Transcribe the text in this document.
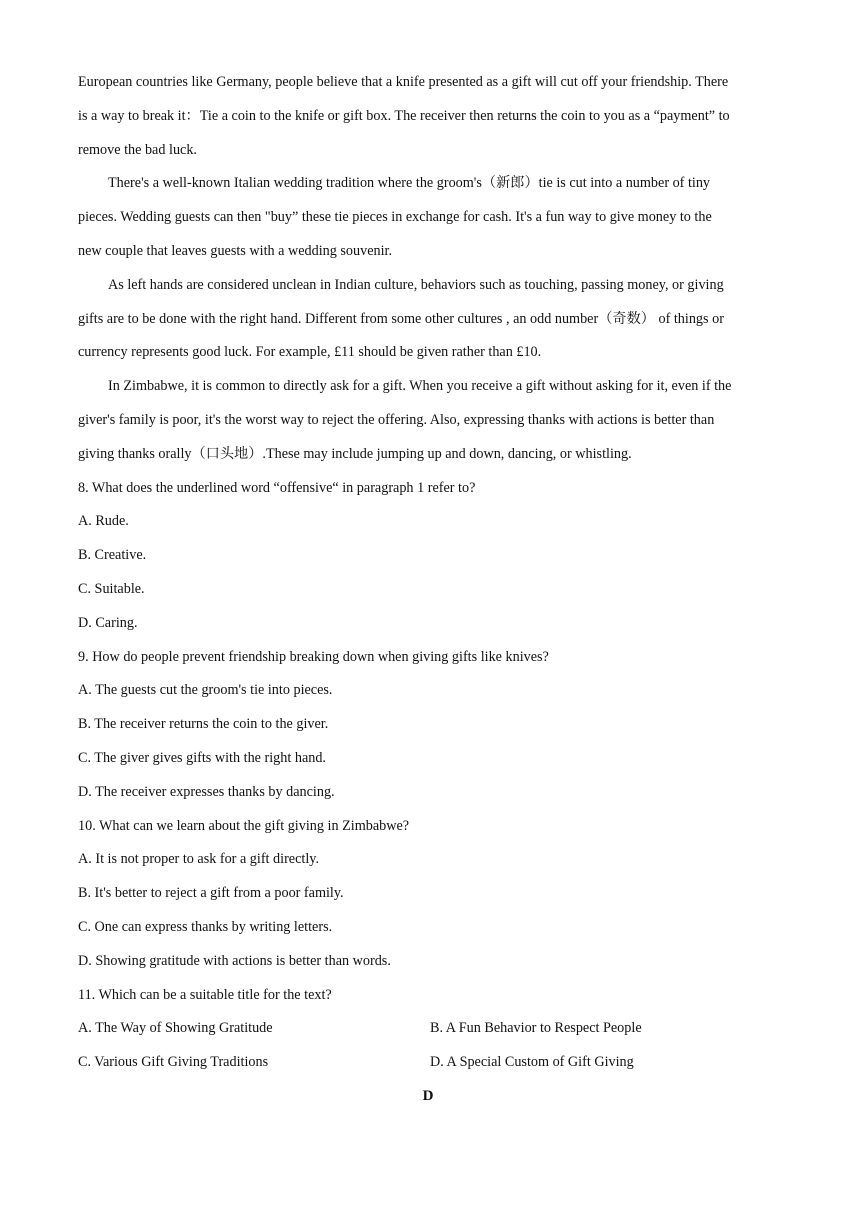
European countries like Germany, people believe that a knife presented as a gift will cut off your friendship. There

is a way to break it：Tie a coin to the knife or gift box. The receiver then returns the coin to you as a “payment” to

remove the bad luck.

There's a well-known Italian wedding tradition where the groom's（新郎）tie is cut into a number of tiny

pieces. Wedding guests can then "buy” these tie pieces in exchange for cash. It's a fun way to give money to the

new couple that leaves guests with a wedding souvenir.

As left hands are considered unclean in Indian culture, behaviors such as touching, passing money, or giving

gifts are to be done with the right hand. Different from some other cultures , an odd number（奇数） of things or

currency represents good luck. For example, £11 should be given rather than £10.

In Zimbabwe, it is common to directly ask for a gift. When you receive a gift without asking for it, even if the

giver's family is poor, it's the worst way to reject the offering. Also, expressing thanks with actions is better than

giving thanks orally（口头地）.These may include jumping up and down, dancing, or whistling.

8. What does the underlined word “offensive“ in paragraph 1 refer to?

A. Rude.

B. Creative.

C. Suitable.

D. Caring.

9. How do people prevent friendship breaking down when giving gifts like knives?

A. The guests cut the groom's tie into pieces.

B. The receiver returns the coin to the giver.

C. The giver gives gifts with the right hand.

D. The receiver expresses thanks by dancing.

10. What can we learn about the gift giving in Zimbabwe?

A. It is not proper to ask for a gift directly.

B. It's better to reject a gift from a poor family.

C. One can express thanks by writing letters.

D. Showing gratitude with actions is better than words.

11. Which can be a suitable title for the text?

A. The Way of Showing Gratitude	B. A Fun Behavior to Respect People
C. Various Gift Giving Traditions	D. A Special Custom of Gift Giving
D
